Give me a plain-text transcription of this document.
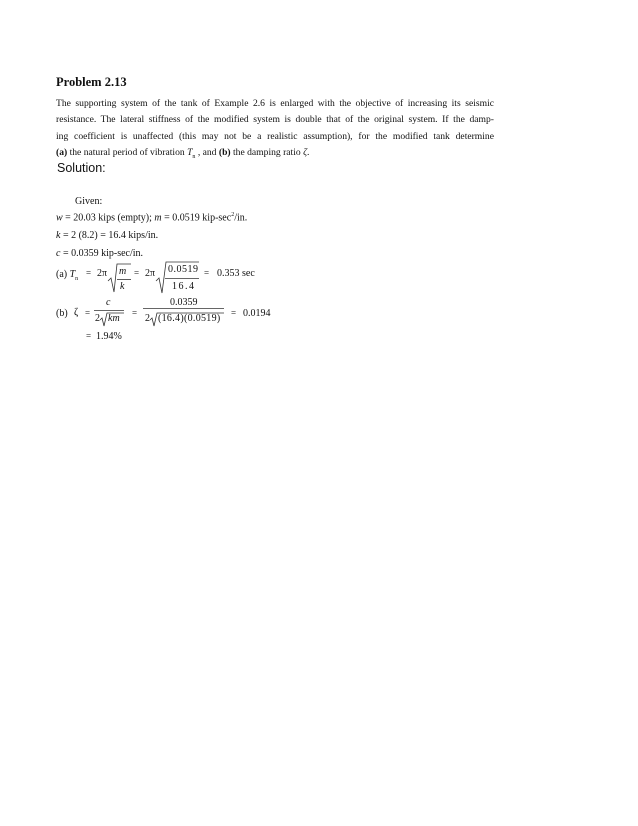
Problem 2.13
The supporting system of the tank of Example 2.6 is enlarged with the objective of increasing its seismic
resistance. The lateral stiffness of the modified system is double that of the original system. If the damp-
ing coefficient is unaffected (this may not be a realistic assumption), for the modified tank determine
(a) the natural period of vibration $T_n$ , and (b) the damping ratio ζ.
Solution:
Given:
w = 20.03 kips (empty); m = 0.0519 kip-$\sec^2/in$.
k = 2 (8.2) = 16.4 kips/in.
c = 0.0359 kip-sec/in.
(a) $T_n$
= 2π m
k
= 2π 0.0519
16.4
= 0.353 sec
(b) ζ =
c
2 km =
0.0359
2 (16.4)(0.0519) = 0.0194
= 1.94%
